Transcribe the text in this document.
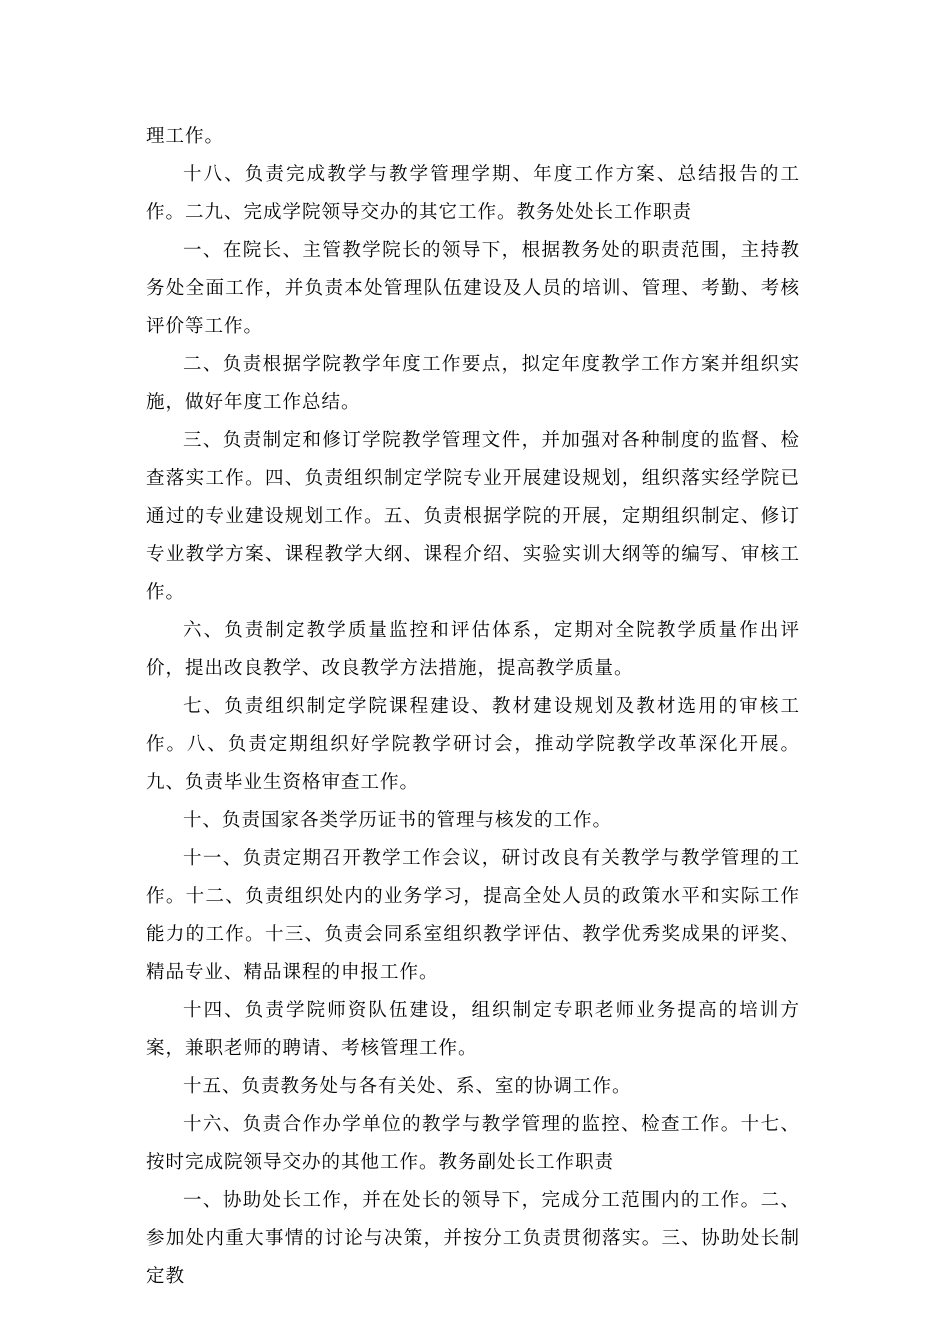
理工作。

十八、负责完成教学与教学管理学期、年度工作方案、总结报告的工作。二九、完成学院领导交办的其它工作。教务处处长工作职责

一、在院长、主管教学院长的领导下，根据教务处的职责范围，主持教务处全面工作，并负责本处管理队伍建设及人员的培训、管理、考勤、考核评价等工作。

二、负责根据学院教学年度工作要点，拟定年度教学工作方案并组织实施，做好年度工作总结。

三、负责制定和修订学院教学管理文件，并加强对各种制度的监督、检查落实工作。四、负责组织制定学院专业开展建设规划，组织落实经学院已通过的专业建设规划工作。五、负责根据学院的开展，定期组织制定、修订专业教学方案、课程教学大纲、课程介绍、实验实训大纲等的编写、审核工作。

六、负责制定教学质量监控和评估体系，定期对全院教学质量作出评价，提出改良教学、改良教学方法措施，提高教学质量。

七、负责组织制定学院课程建设、教材建设规划及教材选用的审核工作。八、负责定期组织好学院教学研讨会，推动学院教学改革深化开展。九、负责毕业生资格审查工作。

十、负责国家各类学历证书的管理与核发的工作。

十一、负责定期召开教学工作会议，研讨改良有关教学与教学管理的工作。十二、负责组织处内的业务学习，提高全处人员的政策水平和实际工作能力的工作。十三、负责会同系室组织教学评估、教学优秀奖成果的评奖、精品专业、精品课程的申报工作。

十四、负责学院师资队伍建设，组织制定专职老师业务提高的培训方案，兼职老师的聘请、考核管理工作。

十五、负责教务处与各有关处、系、室的协调工作。

十六、负责合作办学单位的教学与教学管理的监控、检查工作。十七、按时完成院领导交办的其他工作。教务副处长工作职责

一、协助处长工作，并在处长的领导下，完成分工范围内的工作。二、参加处内重大事情的讨论与决策，并按分工负责贯彻落实。三、协助处长制定教
